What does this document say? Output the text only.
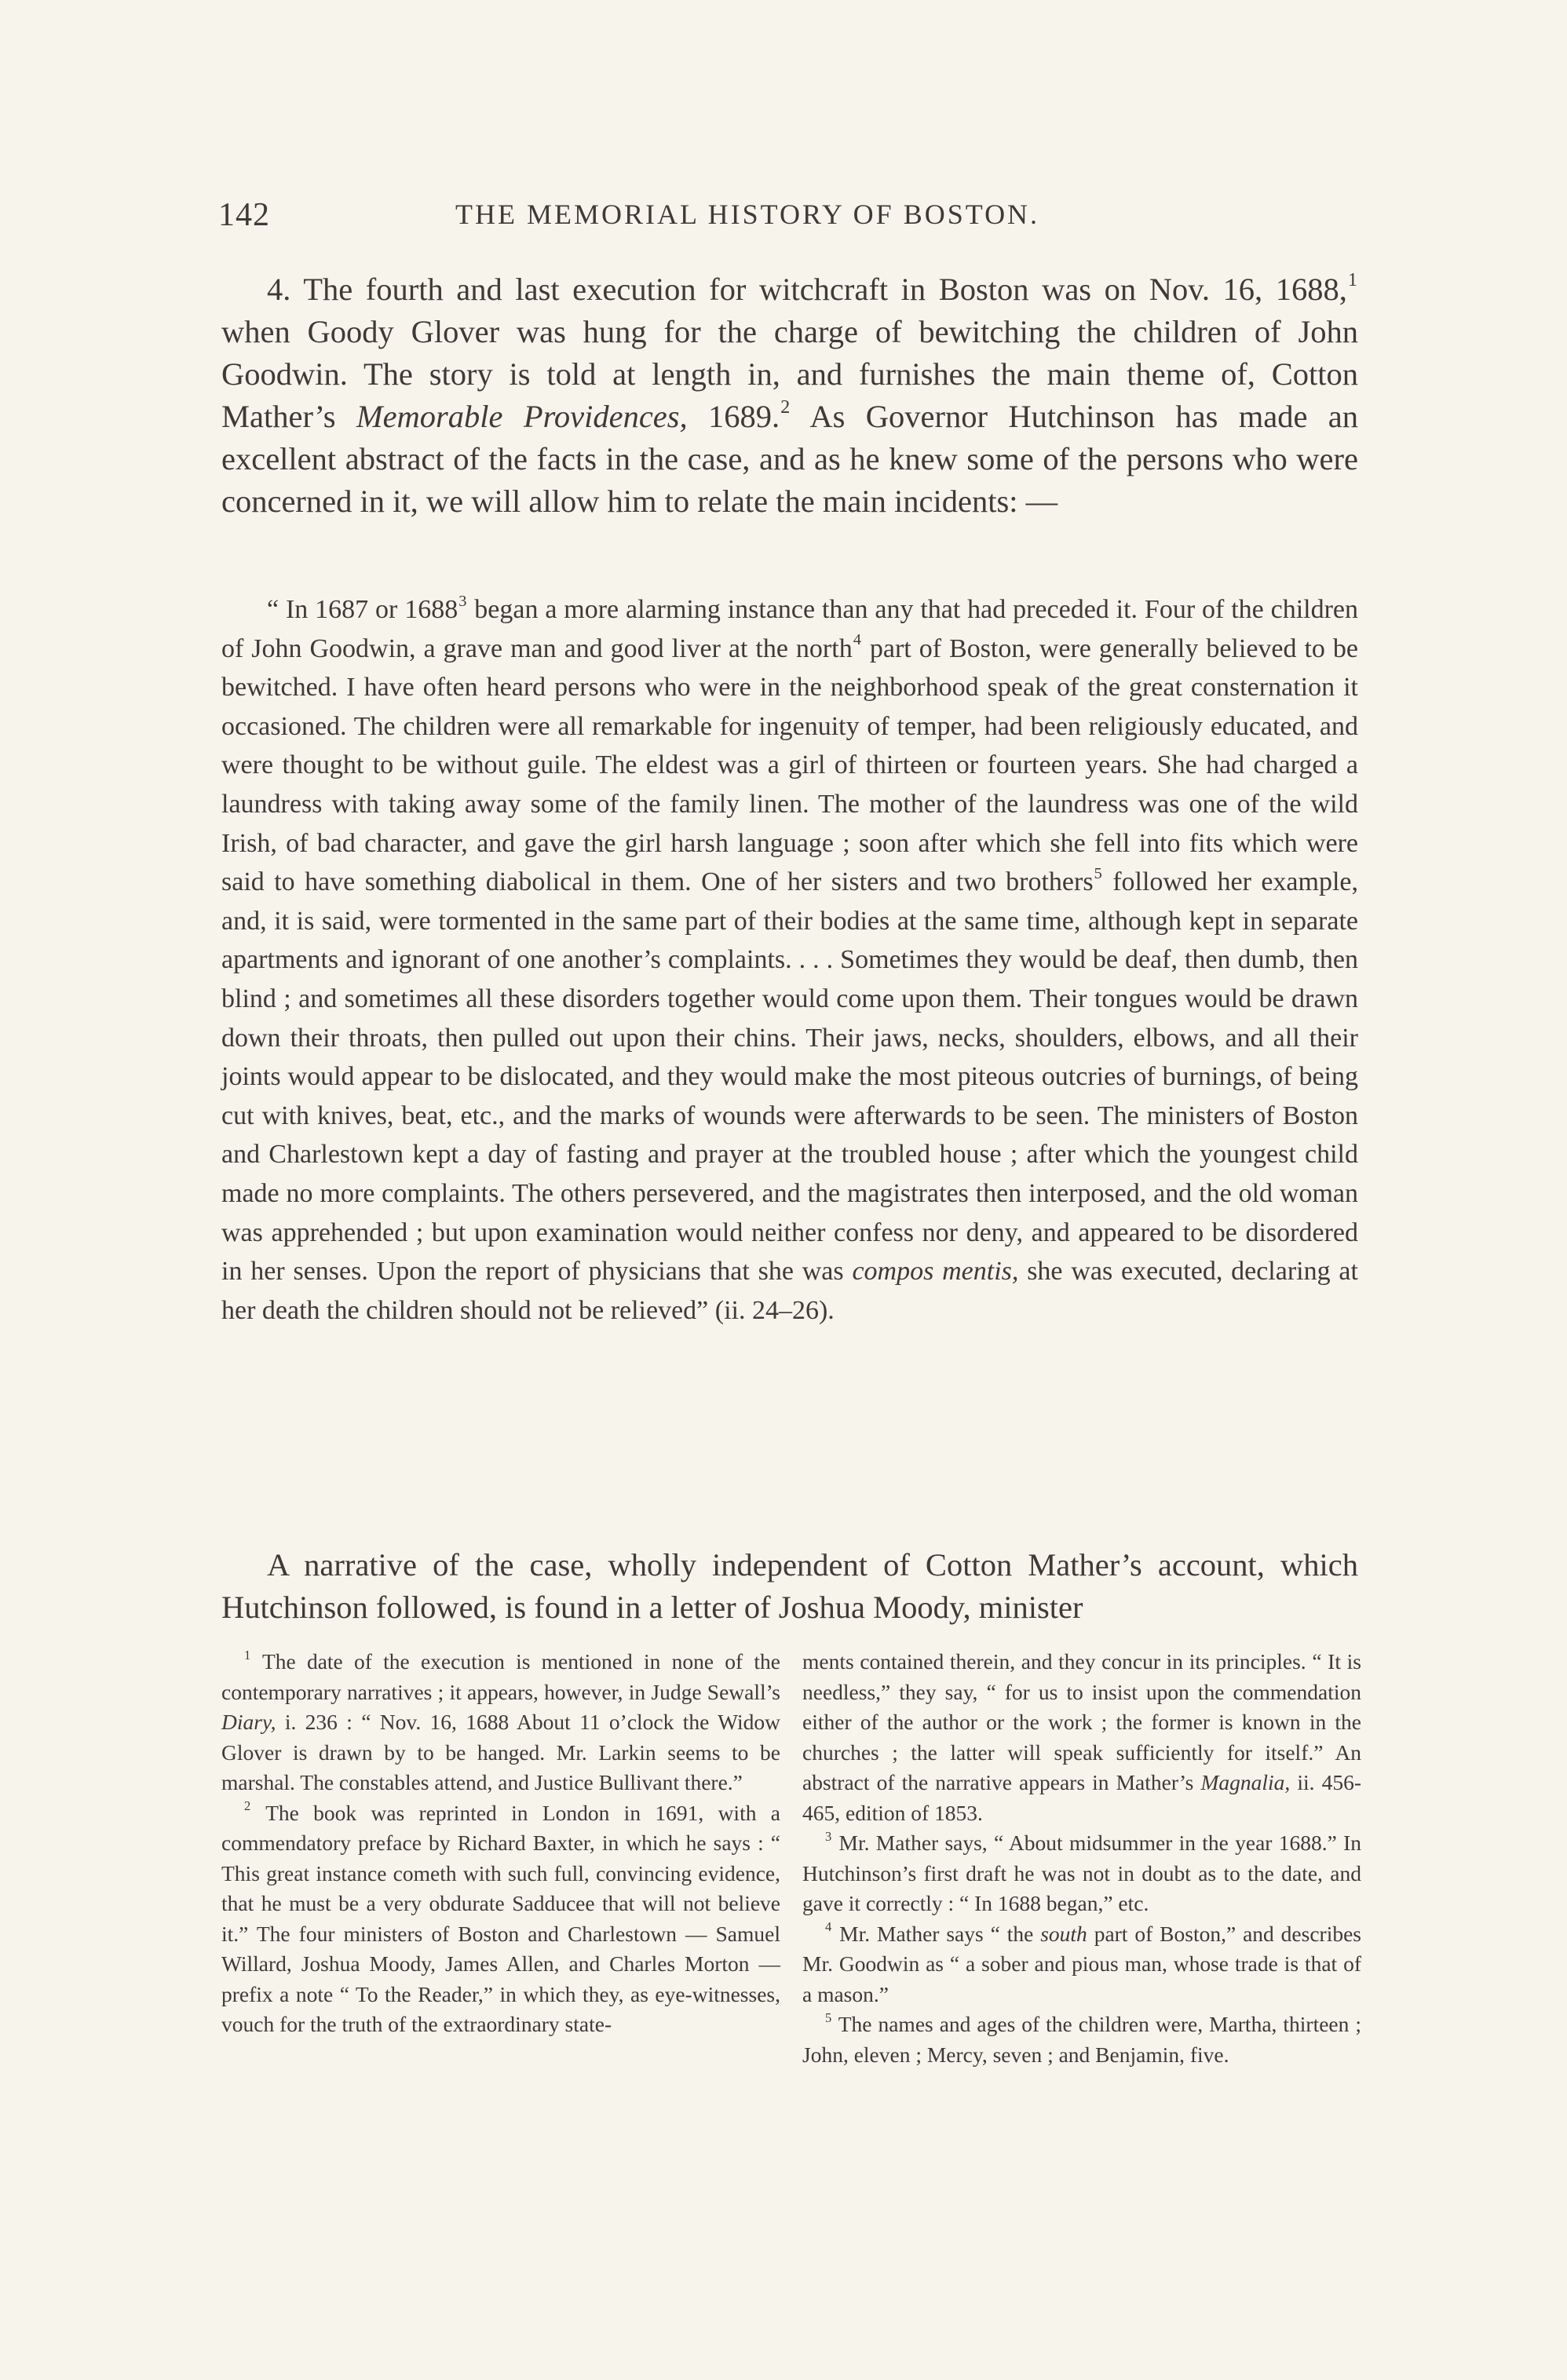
142	THE MEMORIAL HISTORY OF BOSTON.
4. The fourth and last execution for witchcraft in Boston was on Nov. 16, 1688,$^1$ when Goody Glover was hung for the charge of bewitching the children of John Goodwin. The story is told at length in, and furnishes the main theme of, Cotton Mather’s Memorable Providences, 1689.$^2$ As Governor Hutchinson has made an excellent abstract of the facts in the case, and as he knew some of the persons who were concerned in it, we will allow him to relate the main incidents: —
“ In 1687 or 1688$^3$ began a more alarming instance than any that had preceded it. Four of the children of John Goodwin, a grave man and good liver at the north$^4$ part of Boston, were generally believed to be bewitched. I have often heard persons who were in the neighborhood speak of the great consternation it occasioned. The children were all remarkable for ingenuity of temper, had been religiously educated, and were thought to be without guile. The eldest was a girl of thirteen or fourteen years. She had charged a laundress with taking away some of the family linen. The mother of the laundress was one of the wild Irish, of bad character, and gave the girl harsh language ; soon after which she fell into fits which were said to have something diabolical in them. One of her sisters and two brothers$^5$ followed her example, and, it is said, were tormented in the same part of their bodies at the same time, although kept in separate apartments and ignorant of one another’s complaints. . . . Sometimes they would be deaf, then dumb, then blind ; and sometimes all these disorders together would come upon them. Their tongues would be drawn down their throats, then pulled out upon their chins. Their jaws, necks, shoulders, elbows, and all their joints would appear to be dislocated, and they would make the most piteous outcries of burnings, of being cut with knives, beat, etc., and the marks of wounds were afterwards to be seen. The ministers of Boston and Charlestown kept a day of fasting and prayer at the troubled house ; after which the youngest child made no more complaints. The others persevered, and the magistrates then interposed, and the old woman was apprehended ; but upon examination would neither confess nor deny, and appeared to be disordered in her senses. Upon the report of physicians that she was compos mentis, she was executed, declaring at her death the children should not be relieved” (ii. 24–26).
A narrative of the case, wholly independent of Cotton Mather’s account, which Hutchinson followed, is found in a letter of Joshua Moody, minister

$^1$ The date of the execution is mentioned in none of the contemporary narratives ; it appears, however, in Judge Sewall’s Diary, i. 236 : “ Nov. 16, 1688 About 11 o’clock the Widow Glover is drawn by to be hanged. Mr. Larkin seems to be marshal. The constables attend, and Justice Bullivant there.”

$^2$ The book was reprinted in London in 1691, with a commendatory preface by Richard Baxter, in which he says : “ This great instance cometh with such full, convincing evidence, that he must be a very obdurate Sadducee that will not believe it.” The four ministers of Boston and Charlestown — Samuel Willard, Joshua Moody, James Allen, and Charles Morton — prefix a note “ To the Reader,” in which they, as eye-witnesses, vouch for the truth of the extraordinary state-

ments contained therein, and they concur in its principles. “ It is needless,” they say, “ for us to insist upon the commendation either of the author or the work ; the former is known in the churches ; the latter will speak sufficiently for itself.” An abstract of the narrative appears in Mather’s Magnalia, ii. 456-465, edition of 1853.

$^3$ Mr. Mather says, “ About midsummer in the year 1688.” In Hutchinson’s first draft he was not in doubt as to the date, and gave it correctly : “ In 1688 began,” etc.

$^4$ Mr. Mather says “ the south part of Boston,” and describes Mr. Goodwin as “ a sober and pious man, whose trade is that of a mason.”

$^5$ The names and ages of the children were, Martha, thirteen ; John, eleven ; Mercy, seven ; and Benjamin, five.
